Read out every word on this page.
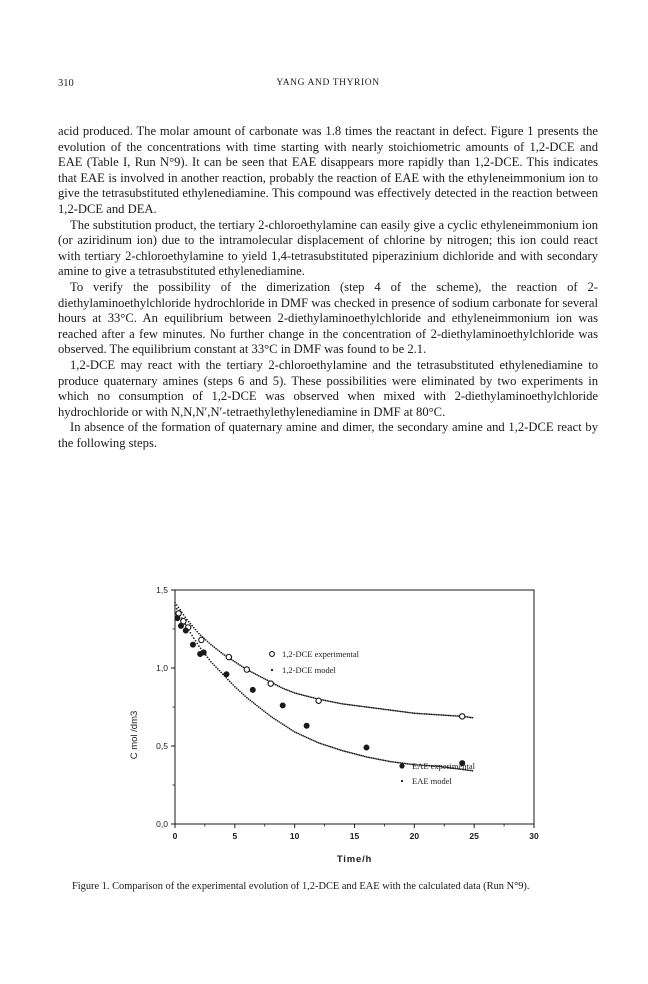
310	YANG AND THYRION

acid produced. The molar amount of carbonate was 1.8 times the reactant in defect. Figure 1 presents the evolution of the concentrations with time starting with nearly stoichiometric amounts of 1,2-DCE and EAE (Table I, Run N°9). It can be seen that EAE disappears more rapidly than 1,2-DCE. This indicates that EAE is involved in another reaction, probably the reaction of EAE with the ethyleneimmonium ion to give the tetrasubstituted ethylenediamine. This compound was effectively detected in the reaction between 1,2-DCE and DEA.

The substitution product, the tertiary 2-chloroethylamine can easily give a cyclic ethyleneimmonium ion (or aziridinum ion) due to the intramolecular displacement of chlorine by nitrogen; this ion could react with tertiary 2-chloroethylamine to yield 1,4-tetrasubstituted piperazinium dichloride and with secondary amine to give a tetrasubstituted ethylenediamine.

To verify the possibility of the dimerization (step 4 of the scheme), the reaction of 2-diethylaminoethylchloride hydrochloride in DMF was checked in presence of sodium carbonate for several hours at 33°C. An equilibrium between 2-diethylaminoethylchloride and ethyleneimmonium ion was reached after a few minutes. No further change in the concentration of 2-diethylaminoethylchloride was observed. The equilibrium constant at 33°C in DMF was found to be 2.1.

1,2-DCE may react with the tertiary 2-chloroethylamine and the tetrasubstituted ethylenediamine to produce quaternary amines (steps 6 and 5). These possibilities were eliminated by two experiments in which no consumption of 1,2-DCE was observed when mixed with 2-diethylaminoethylchloride hydrochloride or with N,N,N′,N′-tetraethylethylenediamine in DMF at 80°C.

In absence of the formation of quaternary amine and dimer, the secondary amine and 1,2-DCE react by the following steps.

0	5	10	15	20	25	30
0,0
0,5
1,0
1,5
Time/h
C mol /dm3
1,2-DCE experimental
1,2-DCE model
EAE experimental
EAE model
Figure 1. Comparison of the experimental evolution of 1,2-DCE and EAE with the calculated data (Run N°9).
